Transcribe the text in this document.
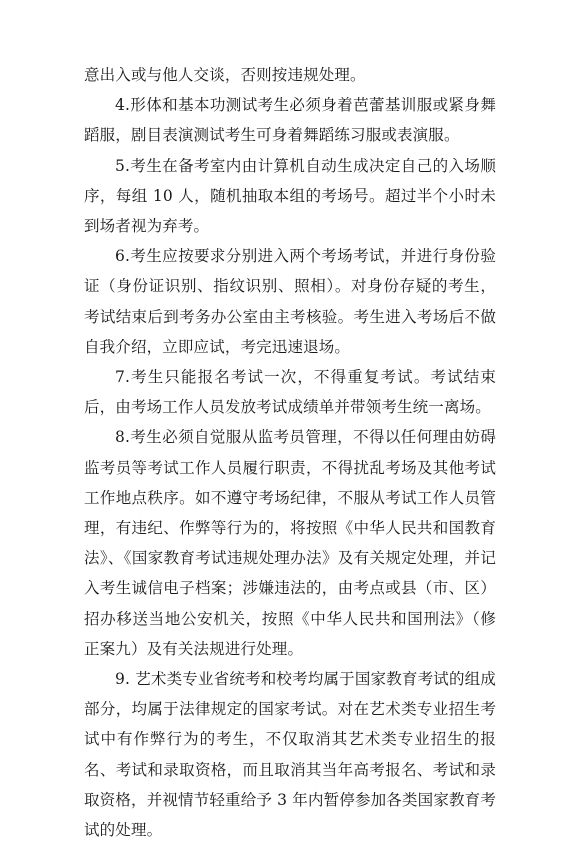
意出入或与他人交谈，否则按违规处理。

4.形体和基本功测试考生必须身着芭蕾基训服或紧身舞蹈服，剧目表演测试考生可身着舞蹈练习服或表演服。

5.考生在备考室内由计算机自动生成决定自己的入场顺序，每组 10 人，随机抽取本组的考场号。超过半个小时未到场者视为弃考。

6.考生应按要求分别进入两个考场考试，并进行身份验证（身份证识别、指纹识别、照相）。对身份存疑的考生，考试结束后到考务办公室由主考核验。考生进入考场后不做自我介绍，立即应试，考完迅速退场。

7.考生只能报名考试一次，不得重复考试。考试结束后，由考场工作人员发放考试成绩单并带领考生统一离场。

8.考生必须自觉服从监考员管理，不得以任何理由妨碍监考员等考试工作人员履行职责，不得扰乱考场及其他考试工作地点秩序。如不遵守考场纪律，不服从考试工作人员管理，有违纪、作弊等行为的，将按照《中华人民共和国教育法》、《国家教育考试违规处理办法》及有关规定处理，并记入考生诚信电子档案；涉嫌违法的，由考点或县（市、区）招办移送当地公安机关，按照《中华人民共和国刑法》（修正案九）及有关法规进行处理。

9. 艺术类专业省统考和校考均属于国家教育考试的组成部分，均属于法律规定的国家考试。对在艺术类专业招生考试中有作弊行为的考生，不仅取消其艺术类专业招生的报名、考试和录取资格，而且取消其当年高考报名、考试和录取资格，并视情节轻重给予 3 年内暂停参加各类国家教育考试的处理。
